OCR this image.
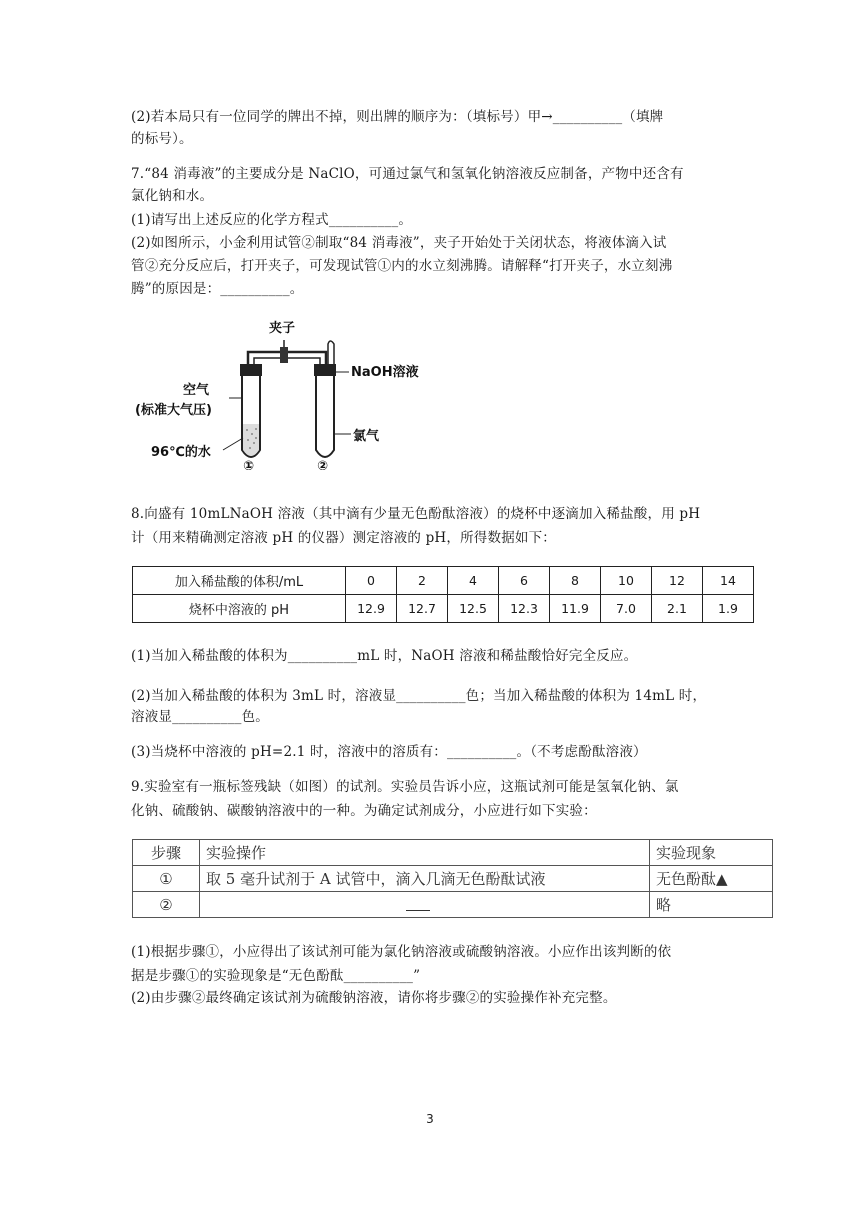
(2)若本局只有一位同学的牌出不掉，则出牌的顺序为：（填标号）甲→__________（填牌
的标号）。
7.“84 消毒液”的主要成分是 NaClO，可通过氯气和氢氧化钠溶液反应制备，产物中还含有
氯化钠和水。
(1)请写出上述反应的化学方程式__________。
(2)如图所示，小金利用试管②制取“84 消毒液”，夹子开始处于关闭状态，将液体滴入试
管②充分反应后，打开夹子，可发现试管①内的水立刻沸腾。请解释“打开夹子，水立刻沸
腾”的原因是：__________。
夹子
NaOH溶液
空气
(标准大气压)
96℃的水
氯气
①	②
8.向盛有 10mLNaOH 溶液（其中滴有少量无色酚酞溶液）的烧杯中逐滴加入稀盐酸，用 pH
计（用来精确测定溶液 pH 的仪器）测定溶液的 pH，所得数据如下：
加入稀盐酸的体积/mL	0	2	4	6	8	10	12	14
烧杯中溶液的 pH	12.9	12.7	12.5	12.3	11.9	7.0	2.1	1.9
(1)当加入稀盐酸的体积为__________mL 时，NaOH 溶液和稀盐酸恰好完全反应。
(2)当加入稀盐酸的体积为 3mL 时，溶液显__________色；当加入稀盐酸的体积为 14mL 时，
溶液显__________色。
(3)当烧杯中溶液的 pH=2.1 时，溶液中的溶质有：__________。（不考虑酚酞溶液）
9.实验室有一瓶标签残缺（如图）的试剂。实验员告诉小应，这瓶试剂可能是氢氧化钠、氯
化钠、硫酸钠、碳酸钠溶液中的一种。为确定试剂成分，小应进行如下实验：
步骤	实验操作	实验现象
①	取 5 毫升试剂于 A 试管中，滴入几滴无色酚酞试液	无色酚酞▲
②		略
(1)根据步骤①，小应得出了该试剂可能为氯化钠溶液或硫酸钠溶液。小应作出该判断的依
据是步骤①的实验现象是“无色酚酞__________”
(2)由步骤②最终确定该试剂为硫酸钠溶液，请你将步骤②的实验操作补充完整。
3
